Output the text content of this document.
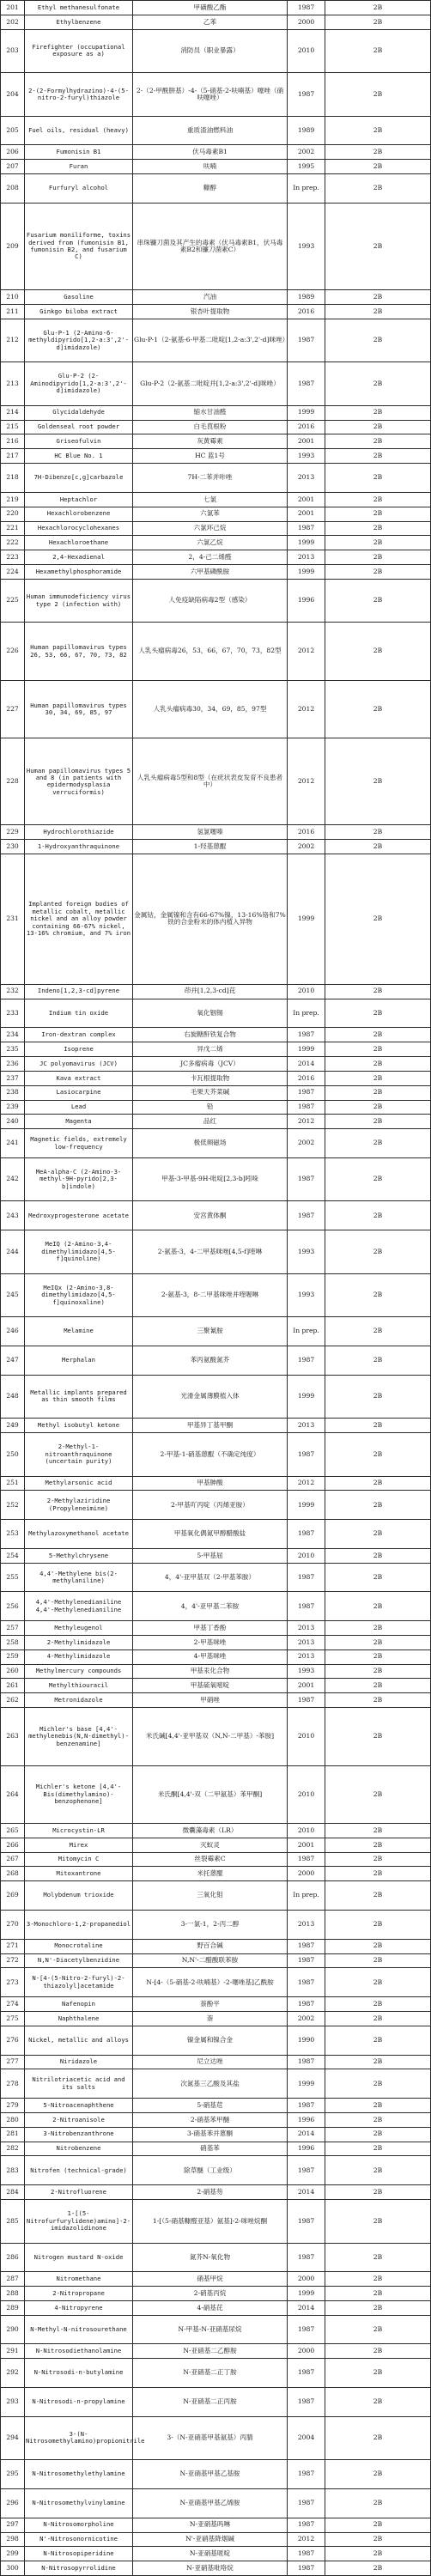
201	Ethyl methanesulfonate	甲磺酸乙酯	1987	2B
202	Ethylbenzene	乙苯	2000	2B
203	Firefighter (occupational exposure as a)	消防员（职业暴露）	2010	2B
204	2-(2-Formylhydrazino)-4-(5-nitro-2-furyl)thiazole	2-（2-甲酰肼基）-4-（5-硝基-2-呋喃基）噻唑（硝呋噻唑）	1987	2B
205	Fuel oils, residual (heavy)	重质渣油燃料油	1989	2B
206	Fumonisin B1	伏马毒素B1	2002	2B
207	Furan	呋喃	1995	2B
208	Furfuryl alcohol	糠醇	In prep.	2B
209	Fusarium moniliforme, toxins derived from (fumonisin B1, fumonisin B2, and fusarium C)	串珠镰刀菌及其产生的毒素（伏马毒素B1，伏马毒素B2和镰刀菌素C）	1993	2B
210	Gasoline	汽油	1989	2B
211	Ginkgo biloba extract	银杏叶提取物	2016	2B
212	Glu-P-1 (2-Amino-6-methyldipyrido[1,2-a:3',2'-d]imidazole)	Glu-P-1（2-氨基-6-甲基二吡啶[1,2-a:3',2'-d]咪唑）	1987	2B
213	Glu-P-2 (2-Aminodipyrido[1,2-a:3',2'-d]imidazole)	Glu-P-2（2-氨基二吡啶并[1,2-a:3',2'-d]咪唑）	1987	2B
214	Glycidaldehyde	缩水甘油醛	1999	2B
215	Goldenseal root powder	白毛茛根粉	2016	2B
216	Griseofulvin	灰黄霉素	2001	2B
217	HC Blue No. 1	HC 蓝1号	1993	2B
218	7H-Dibenzo[c,g]carbazole	7H-二苯并咔唑	2013	2B
219	Heptachlor	七氯	2001	2B
220	Hexachlorobenzene	六氯苯	2001	2B
221	Hexachlorocyclohexanes	六氯环己烷	1987	2B
222	Hexachloroethane	六氯乙烷	1999	2B
223	2,4-Hexadienal	2，4-己二烯醛	2013	2B
224	Hexamethylphosphoramide	六甲基磷酰胺	1999	2B
225	Human immunodeficiency virus type 2 (infection with)	人免疫缺陷病毒2型（感染）	1996	2B
226	Human papillomavirus types 26, 53, 66, 67, 70, 73, 82	人乳头瘤病毒26，53，66，67，70，73，82型	2012	2B
227	Human papillomavirus types 30, 34, 69, 85, 97	人乳头瘤病毒30，34，69，85，97型	2012	2B
228	Human papillomavirus types 5 and 8 (in patients with epidermodysplasia verruciformis)	人乳头瘤病毒5型和8型（在疣状表皮发育不良患者中）	2012	2B
229	Hydrochlorothiazide	氢氯噻嗪	2016	2B
230	1-Hydroxyanthraquinone	1-羟基蒽醌	2002	2B
231	Implanted foreign bodies of metallic cobalt, metallic nickel and an alloy powder containing 66-67% nickel, 13-16% chromium, and 7% iron	金属钴，金属镍和含有66-67%镍，13-16%铬和7%铁的合金粉末的体内植入异物	1999	2B
232	Indeno[1,2,3-cd]pyrene	茚并[1,2,3-cd]芘	2010	2B
233	Indium tin oxide	氧化铟锡	In prep.	2B
234	Iron-dextran complex	右旋糖酐铁复合物	1987	2B
235	Isoprene	异戊二烯	1999	2B
236	JC polyomavirus (JCV)	JC多瘤病毒（JCV）	2014	2B
237	Kava extract	卡瓦根提取物	2016	2B
238	Lasiocarpine	毛果天芥菜碱	1987	2B
239	Lead	铅	1987	2B
240	Magenta	品红	2012	2B
241	Magnetic fields, extremely low-frequency	极低频磁场	2002	2B
242	MeA-alpha-C (2-Amino-3-methyl-9H-pyrido[2,3-b]indole)	甲基-3-甲基-9H-吡啶[2,3-b]吲哚	1987	2B
243	Medroxyprogesterone acetate	安宫黄体酮	1987	2B
244	MeIQ (2-Amino-3,4-dimethylimidazo[4,5-f]quinoline)	2-氨基-3，4-二甲基咪唑[4,5-f]喹啉	1993	2B
245	MeIQx (2-Amino-3,8-dimethylimidazo[4,5-f]quinoxaline)	2-氨基-3，8-二甲基咪唑并喹喔啉	1993	2B
246	Melamine	三聚氰胺	In prep.	2B
247	Merphalan	苯丙氨酸氮芥	1987	2B
248	Metallic implants prepared as thin smooth films	光滑金属薄膜植入体	1999	2B
249	Methyl isobutyl ketone	甲基异丁基甲酮	2013	2B
250	2-Methyl-1-nitroanthraquinone (uncertain purity)	2-甲基-1-硝基蒽醌（不确定纯度）	1987	2B
251	Methylarsonic acid	甲基胂酸	2012	2B
252	2-Methylaziridine (Propyleneimine)	2-甲基吖丙啶（丙烯亚胺）	1999	2B
253	Methylazoxymethanol acetate	甲基氧化偶氮甲醇醋酸盐	1987	2B
254	5-Methylchrysene	5-甲基屈	2010	2B
255	4,4'-Methylene bis(2-methylaniline)	4，4'-亚甲基双（2-甲基苯胺）	1987	2B
256	4,4'-Methylenedianiline 4,4'-Methylenedianiline	4，4'-亚甲基二苯胺	1987	2B
257	Methyleugenol	甲基丁香酚	2013	2B
258	2-Methylimidazole	2-甲基咪唑	2013	2B
259	4-Methylimidazole	4-甲基咪唑	2013	2B
260	Methylmercury compounds	甲基汞化合物	1993	2B
261	Methylthiouracil	甲基硫氧嘧啶	2001	2B
262	Metronidazole	甲硝唑	1987	2B
263	Michler's base [4,4'-methylenebis(N,N-dimethyl)-benzenamine]	米氏碱[4,4'-亚甲基双（N,N-二甲基）-苯胺]	2010	2B
264	Michler's ketone [4,4'-Bis(dimethylamino)-benzophenone]	米氏酮[4,4'-双（二甲氨基）苯甲酮]	2010	2B
265	Microcystin-LR	微囊藻毒素（LR）	2010	2B
266	Mirex	灭蚁灵	2001	2B
267	Mitomycin C	丝裂霉素C	1987	2B
268	Mitoxantrone	米托蒽醌	2000	2B
269	Molybdenum trioxide	三氧化钼	In prep.	2B
270	3-Monochloro-1,2-propanediol	3-一氯-1，2-丙二醇	2013	2B
271	Monocrotaline	野百合碱	1987	2B
272	N,N'-Diacetylbenzidine	N,N'-二醋酸联苯胺	1987	2B
273	N-[4-(5-Nitro-2-furyl)-2-thiazolyl]acetamide	N-[4-（5-硝基-2-呋喃基）-2-噻唑基]乙酰胺	1987	2B
274	Nafenopin	萘酚平	1987	2B
275	Naphthalene	萘	2002	2B
276	Nickel, metallic and alloys	镍金属和镍合金	1990	2B
277	Niridazole	尼立达唑	1987	2B
278	Nitrilotriacetic acid and its salts	次氮基三乙酸及其盐	1999	2B
279	5-Nitroacenaphthene	5-硝基苊	1987	2B
280	2-Nitroanisole	2-硝基苯甲醚	1996	2B
281	3-Nitrobenzanthrone	3-硝基苯并蒽酮	2014	2B
282	Nitrobenzene	硝基苯	1996	2B
283	Nitrofen (technical-grade)	除草醚（工业级）	1987	2B
284	2-Nitrofluorene	2-硝基芴	2014	2B
285	1-[(5-Nitrofurfurylidene)amino]-2-imidazolidinone	1-[（5-硝基糠醛亚基）氨基]-2-咪唑烷酮	1987	2B
286	Nitrogen mustard N-oxide	氮芥N-氧化物	1987	2B
287	Nitromethane	硝基甲烷	2000	2B
288	2-Nitropropane	2-硝基丙烷	1999	2B
289	4-Nitropyrene	4-硝基芘	2014	2B
290	N-Methyl-N-nitrosourethane	N-甲基-N-亚硝基尿烷	1987	2B
291	N-Nitrosodiethanolamine	N-亚硝基二乙醇胺	2000	2B
292	N-Nitrosodi-n-butylamine	N-亚硝基二正丁胺	1987	2B
293	N-Nitrosodi-n-propylamine	N-亚硝基二正丙胺	1987	2B
294	3-(N-Nitrosomethylamino)propionitrile	3-（N-亚硝基甲基氨基）丙腈	2004	2B
295	N-Nitrosomethylethylamine	N-亚硝基甲基乙基胺	1987	2B
296	N-Nitrosomethylvinylamine	N-亚硝基甲基乙烯胺	1987	2B
297	N-Nitrosomorpholine	N-亚硝基吗啉	1987	2B
298	N'-Nitrosonornicotine	N'-亚硝基降烟碱	2012	2B
299	N-Nitrosopiperidine	N-亚硝基哌啶	1987	2B
300	N-Nitrosopyrrolidine	N-亚硝基吡咯烷	1987	2B
